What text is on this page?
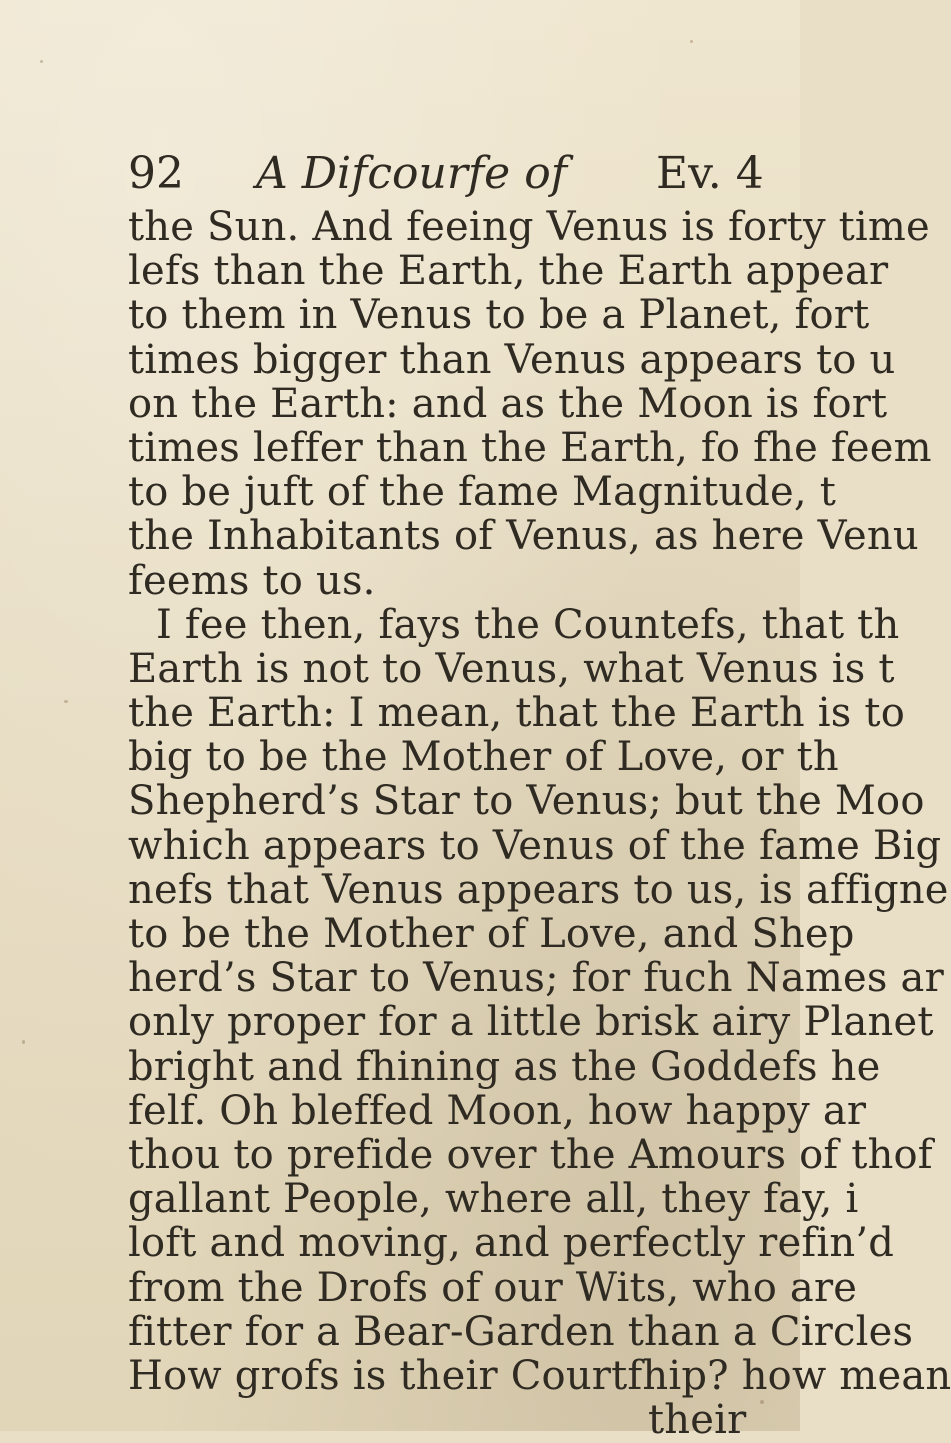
92 A Difcourfe of Ev. 4
the Sun. And feeing Venus is forty time
lefs than the Earth, the Earth appear
to them in Venus to be a Planet, fort
times bigger than Venus appears to u
on the Earth: and as the Moon is fort
times leffer than the Earth, fo fhe feem
to be juft of the fame Magnitude, t
the Inhabitants of Venus, as here Venu
feems to us.
I fee then, fays the Countefs, that th
Earth is not to Venus, what Venus is t
the Earth: I mean, that the Earth is to
big to be the Mother of Love, or th
Shepherd’s Star to Venus; but the Moo
which appears to Venus of the fame Big
nefs that Venus appears to us, is affigne
to be the Mother of Love, and Shep
herd’s Star to Venus; for fuch Names ar
only proper for a little brisk airy Planet
bright and fhining as the Goddefs he
felf. Oh bleffed Moon, how happy ar
thou to prefide over the Amours of thof
gallant People, where all, they fay, i
loft and moving, and perfectly refin’d
from the Drofs of our Wits, who are
fitter for a Bear-Garden than a Circles
How grofs is their Courtfhip? how mean
their
